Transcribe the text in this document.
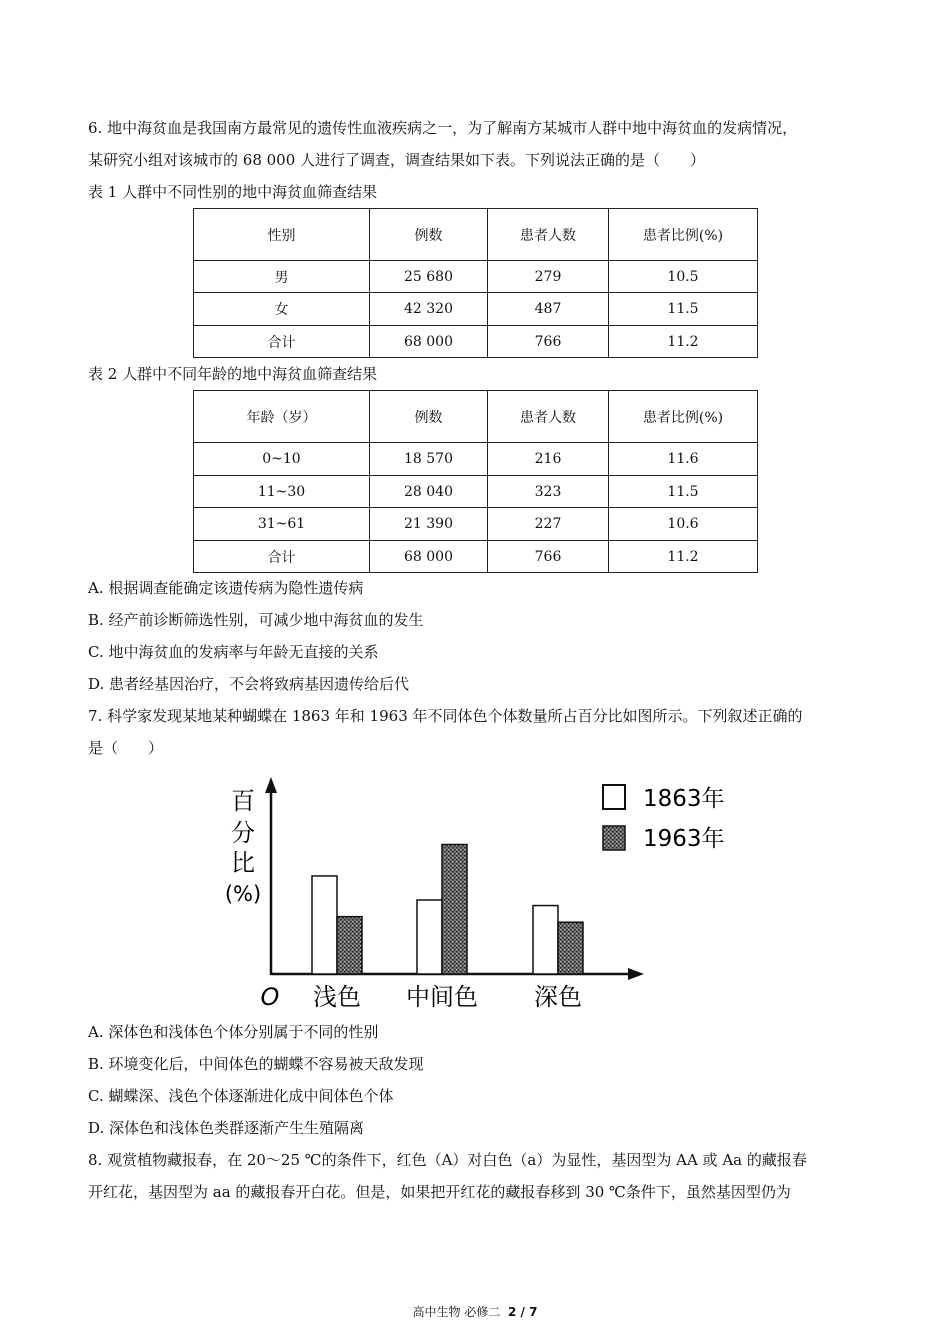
6. 地中海贫血是我国南方最常见的遗传性血液疾病之一，为了解南方某城市人群中地中海贫血的发病情况，
某研究小组对该城市的 68 000 人进行了调查，调查结果如下表。下列说法正确的是（　　）
表 1 人群中不同性别的地中海贫血筛查结果
性别	例数	患者人数	患者比例(%)
男	25 680	279	10.5
女	42 320	487	11.5
合计	68 000	766	11.2
表 2 人群中不同年龄的地中海贫血筛查结果
年龄（岁）	例数	患者人数	患者比例(%)
0~10	18 570	216	11.6
11~30	28 040	323	11.5
31~61	21 390	227	10.6
合计	68 000	766	11.2
A. 根据调查能确定该遗传病为隐性遗传病
B. 经产前诊断筛选性别，可减少地中海贫血的发生
C. 地中海贫血的发病率与年龄无直接的关系
D. 患者经基因治疗，不会将致病基因遗传给后代
7. 科学家发现某地某种蝴蝶在 1863 年和 1963 年不同体色个体数量所占百分比如图所示。下列叙述正确的
是（　　）
百
分
比
(%)
O 浅色 中间色 深色
1863年
1963年
A. 深体色和浅体色个体分别属于不同的性别
B. 环境变化后，中间体色的蝴蝶不容易被天敌发现
C. 蝴蝶深、浅色个体逐渐进化成中间体色个体
D. 深体色和浅体色类群逐渐产生生殖隔离
8. 观赏植物藏报春，在 20～25 ℃的条件下，红色（A）对白色（a）为显性，基因型为 AA 或 Aa 的藏报春
开红花，基因型为 aa 的藏报春开白花。但是，如果把开红花的藏报春移到 30 ℃条件下，虽然基因型仍为
高中生物 必修二 2 / 7
